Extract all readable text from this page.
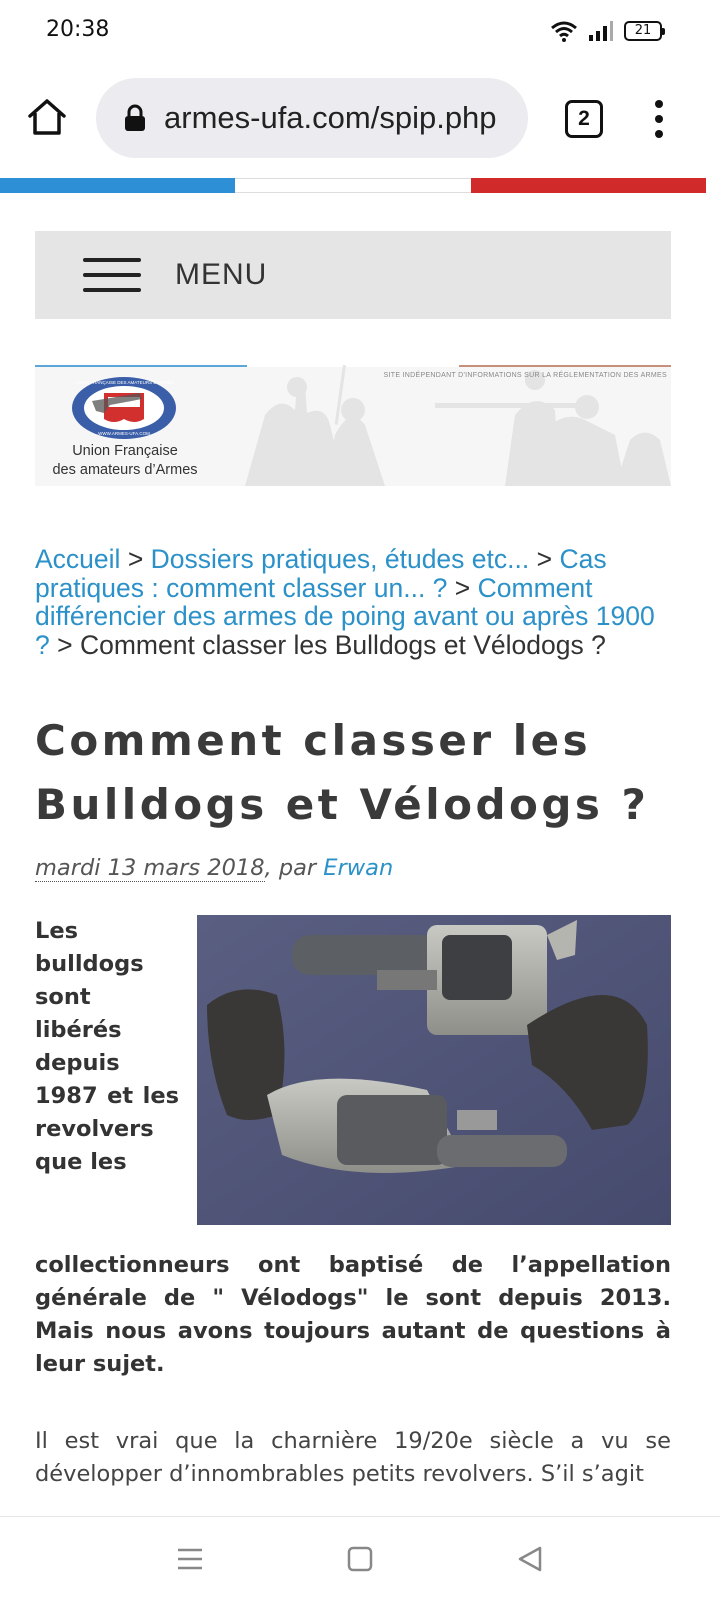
20:38	21
armes-ufa.com/spip.php	2
MENU
SITE INDÉPENDANT D'INFORMATIONS SUR LA RÉGLEMENTATION DES ARMES
UNION FRANÇAISE DES AMATEURS D'ARMES
WWW.ARMES-UFA.COM
Union Française
des amateurs d’Armes
Accueil > Dossiers pratiques, études etc... > Cas pratiques : comment classer un... ? > Comment différencier des armes de poing avant ou après 1900 ? > Comment classer les Bulldogs et Vélodogs ?
Comment classer les Bulldogs et Vélodogs ?
mardi 13 mars 2018, par Erwan

Les bulldogs sont libérés depuis 1987 et les revolvers que les

collectionneurs ont baptisé de l’appellation générale de " Vélodogs" le sont depuis 2013. Mais nous avons toujours autant de questions à leur sujet.

Il est vrai que la charnière 19/20e siècle a vu se développer d’innombrables petits revolvers. S’il s’agit
